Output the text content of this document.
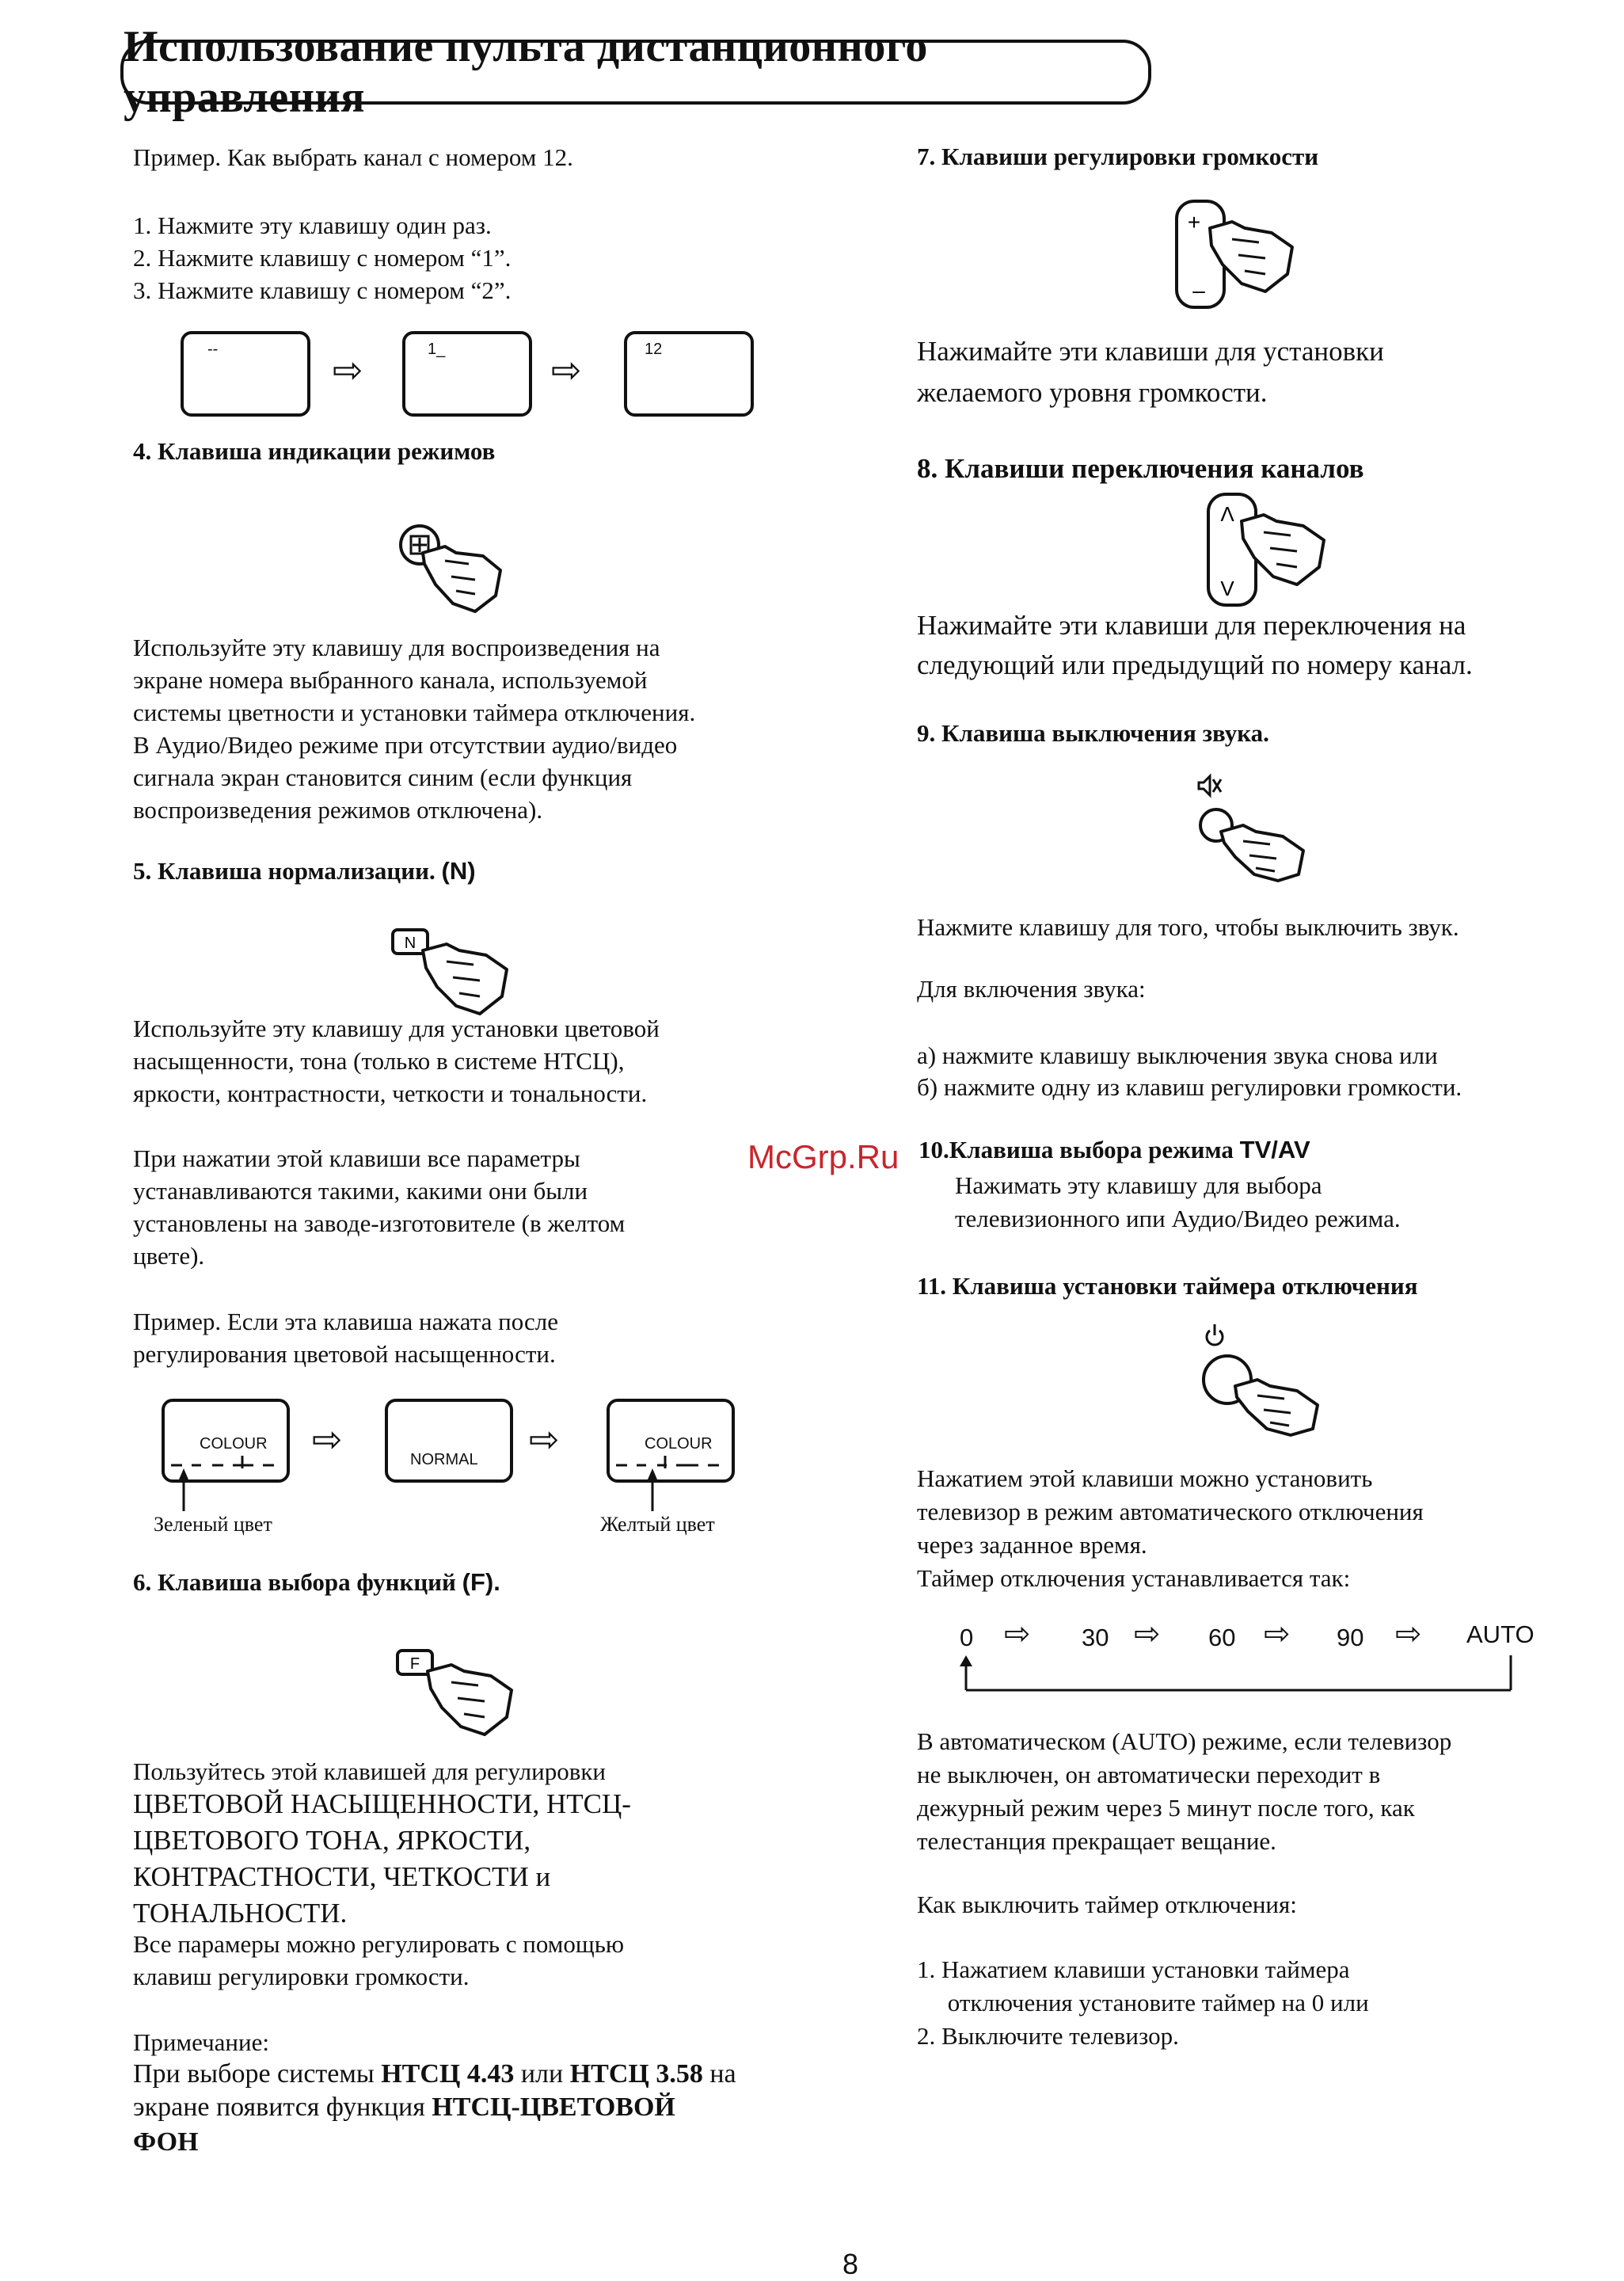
Использование пульта дистанционного управления
Пример. Как выбрать канал с номером 12.
1. Нажмите эту клавишу один раз.
2. Нажмите клавишу с номером “1”.
3. Нажмите клавишу с номером “2”.
--	⇨	1_	⇨	12
4. Клавиша индикации режимов
Используйте эту клавишу для воспроизведения на
экране номера выбранного канала, используемой
системы цветности и установки таймера отключения.
В Аудио/Видео режиме при отсутствии аудио/видео
сигнала экран становится синим (если функция
воспроизведения режимов отключена).
5. Клавиша нормализации. (N)
N
Используйте эту клавишу для установки цветовой
насыщенности, тона (только в системе НТСЦ),
яркости, контрастности, четкости и тональности.
При нажатии этой клавиши все параметры
устанавливаются такими, какими они были
установлены на заводе-изготовителе (в желтом
цвете).
Пример. Если эта клавиша нажата после
регулирования цветовой насыщенности.
COLOUR ⇨	NORMAL ⇨	COLOUR
Зеленый цвет	Желтый цвет
6. Клавиша выбора функций (F).
F
Пользуйтесь этой клавишей для регулировки
ЦВЕТОВОЙ НАСЫЩЕННОСТИ, НТСЦ-
ЦВЕТОВОГО ТОНА, ЯРКОСТИ,
КОНТРАСТНОСТИ, ЧЕТКОСТИ и
ТОНАЛЬНОСТИ.
Все парамеры можно регулировать с помощью
клавиш регулировки громкости.
Примечание:
При выборе системы НТСЦ 4.43 или НТСЦ 3.58 на
экране появится функция НТСЦ-ЦВЕТОВОЙ
ФОН
7. Клавиши регулировки громкости
+
–
Нажимайте эти клавиши для установки
желаемого уровня громкости.
8. Клавиши переключения каналов
Λ
V
Нажимайте эти клавиши для переключения на
следующий или предыдущий по номеру канал.
9. Клавиша выключения звука.
Нажмите клавишу для того, чтобы выключить звук.
Для включения звука:
а) нажмите клавишу выключения звука снова или
б) нажмите одну из клавиш регулировки громкости.
10.Клавиша выбора режима TV/AV
Нажимать эту клавишу для выбора
телевизионного ипи Аудио/Видео режима.
11. Клавиша установки таймера отключения
Нажатием этой клавиши можно установить
телевизор в режим автоматического отключения
через заданное время.
Таймер отключения устанавливается так:
0 ⇨ 30 ⇨ 60 ⇨ 90 ⇨ AUTO
В автоматическом (AUTO) режиме, если телевизор
не выключен, он автоматически переходит в
дежурный режим через 5 минут после того, как
телестанция прекращает вещание.
Как выключить таймер отключения:
1. Нажатием клавиши установки таймера
отключения установите таймер на 0 или
2. Выключите телевизор.
McGrp.Ru
8
